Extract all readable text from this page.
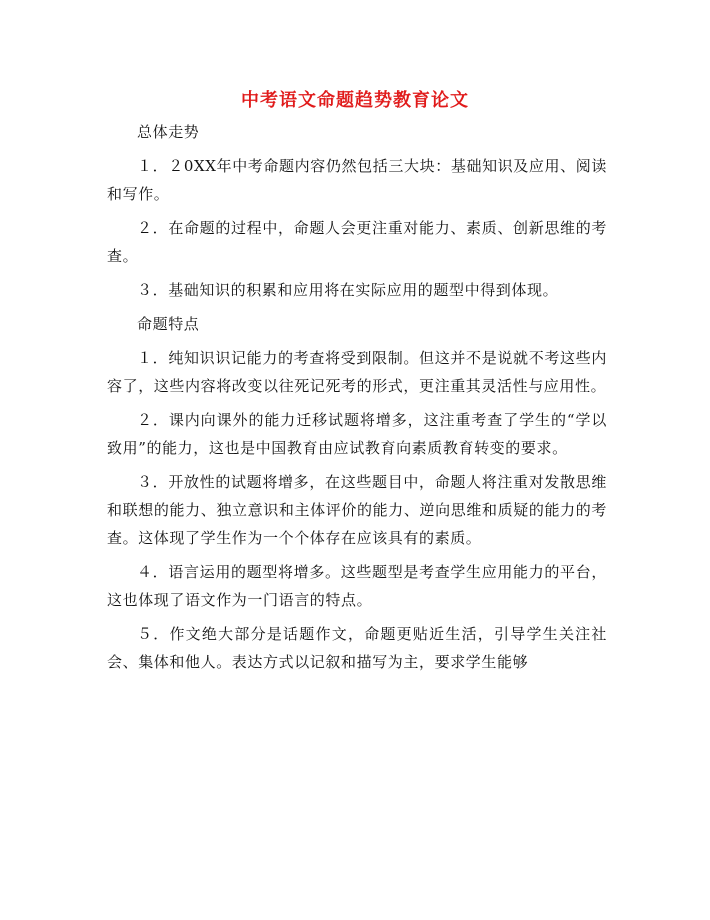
中考语文命题趋势教育论文

总体走势

１．２0XX年中考命题内容仍然包括三大块：基础知识及应用、阅读和写作。

２．在命题的过程中，命题人会更注重对能力、素质、创新思维的考查。

３．基础知识的积累和应用将在实际应用的题型中得到体现。

命题特点

１．纯知识识记能力的考查将受到限制。但这并不是说就不考这些内容了，这些内容将改变以往死记死考的形式，更注重其灵活性与应用性。

２．课内向课外的能力迁移试题将增多，这注重考查了学生的“学以致用”的能力，这也是中国教育由应试教育向素质教育转变的要求。

３．开放性的试题将增多，在这些题目中，命题人将注重对发散思维和联想的能力、独立意识和主体评价的能力、逆向思维和质疑的能力的考查。这体现了学生作为一个个体存在应该具有的素质。

４．语言运用的题型将增多。这些题型是考查学生应用能力的平台，这也体现了语文作为一门语言的特点。

５．作文绝大部分是话题作文，命题更贴近生活，引导学生关注社会、集体和他人。表达方式以记叙和描写为主，要求学生能够
